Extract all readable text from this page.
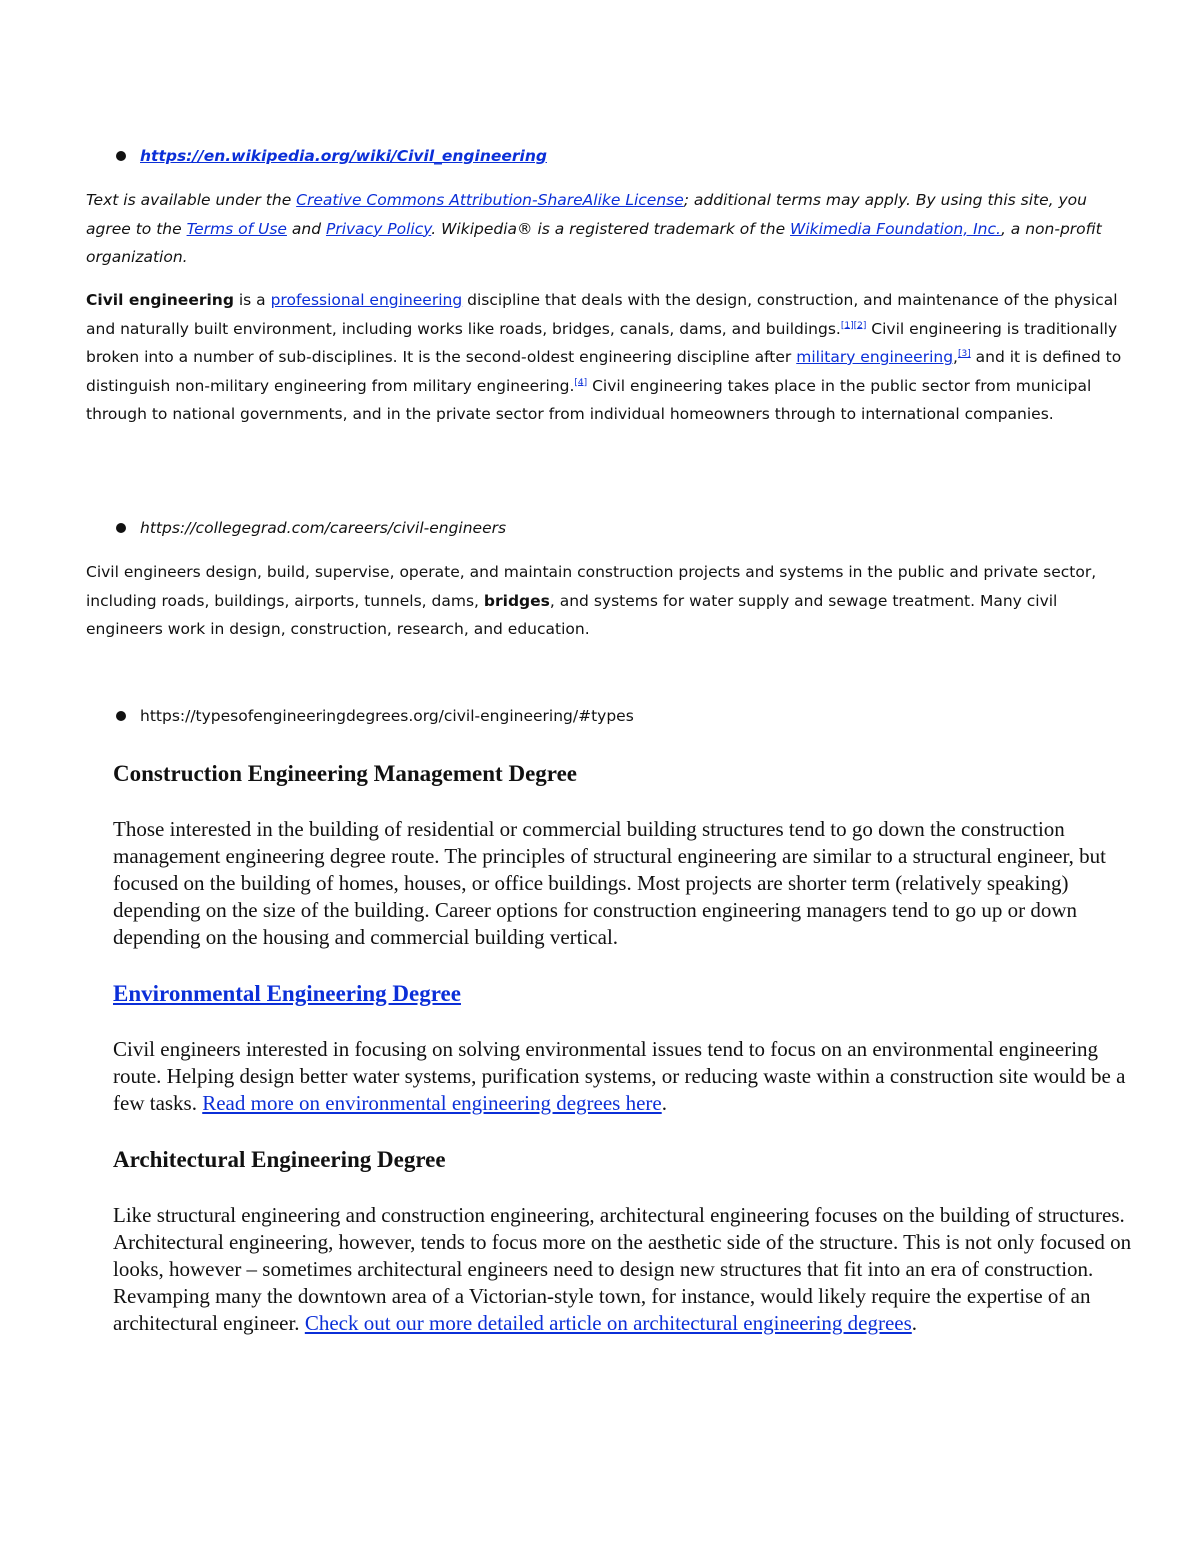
https://en.wikipedia.org/wiki/Civil_engineering

Text is available under the Creative Commons Attribution-ShareAlike License; additional terms may apply. By using this site, you agree to the Terms of Use and Privacy Policy. Wikipedia® is a registered trademark of the Wikimedia Foundation, Inc., a non-profit organization.

Civil engineering is a professional engineering discipline that deals with the design, construction, and maintenance of the physical and naturally built environment, including works like roads, bridges, canals, dams, and buildings.[1][2] Civil engineering is traditionally broken into a number of sub-disciplines. It is the second-oldest engineering discipline after military engineering,[3] and it is defined to distinguish non-military engineering from military engineering.[4] Civil engineering takes place in the public sector from municipal through to national governments, and in the private sector from individual homeowners through to international companies.

https://collegegrad.com/careers/civil-engineers

Civil engineers design, build, supervise, operate, and maintain construction projects and systems in the public and private sector, including roads, buildings, airports, tunnels, dams, bridges, and systems for water supply and sewage treatment. Many civil engineers work in design, construction, research, and education.

https://typesofengineeringdegrees.org/civil-engineering/#types
Construction Engineering Management Degree

Those interested in the building of residential or commercial building structures tend to go down the construction management engineering degree route. The principles of structural engineering are similar to a structural engineer, but focused on the building of homes, houses, or office buildings. Most projects are shorter term (relatively speaking) depending on the size of the building. Career options for construction engineering managers tend to go up or down depending on the housing and commercial building vertical.

Environmental Engineering Degree

Civil engineers interested in focusing on solving environmental issues tend to focus on an environmental engineering route. Helping design better water systems, purification systems, or reducing waste within a construction site would be a few tasks. Read more on environmental engineering degrees here.

Architectural Engineering Degree

Like structural engineering and construction engineering, architectural engineering focuses on the building of structures. Architectural engineering, however, tends to focus more on the aesthetic side of the structure. This is not only focused on looks, however – sometimes architectural engineers need to design new structures that fit into an era of construction. Revamping many the downtown area of a Victorian-style town, for instance, would likely require the expertise of an architectural engineer. Check out our more detailed article on architectural engineering degrees.
